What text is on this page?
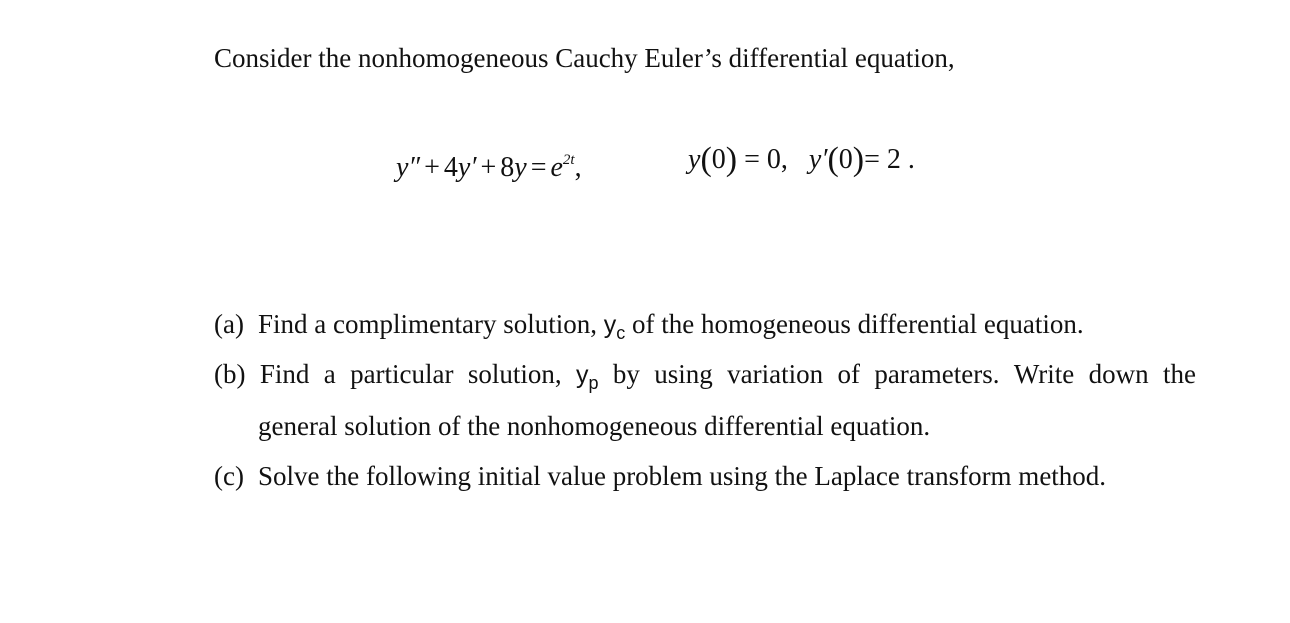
Consider the nonhomogeneous Cauchy Euler’s differential equation,
$y'' + 4y' + 8y = e^{2t}$,	y(0) = 0, y′(0)= 2 .
(a) Find a complimentary solution, $y_c$ of the homogeneous differential equation.
(b) Find a particular solution, $y_p$ by using variation of parameters. Write down the
general solution of the nonhomogeneous differential equation.
(c) Solve the following initial value problem using the Laplace transform method.
